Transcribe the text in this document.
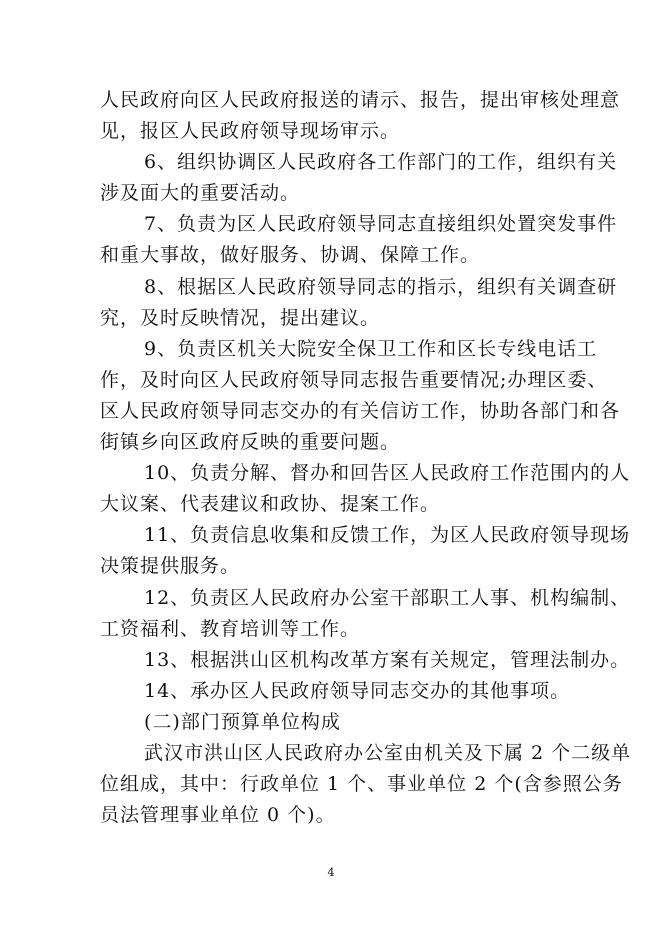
人民政府向区人民政府报送的请示、报告，提出审核处理意
见，报区人民政府领导现场审示。
6、组织协调区人民政府各工作部门的工作，组织有关
涉及面大的重要活动。
7、负责为区人民政府领导同志直接组织处置突发事件
和重大事故，做好服务、协调、保障工作。
8、根据区人民政府领导同志的指示，组织有关调查研
究，及时反映情况，提出建议。
9、负责区机关大院安全保卫工作和区长专线电话工
作，及时向区人民政府领导同志报告重要情况;办理区委、
区人民政府领导同志交办的有关信访工作，协助各部门和各
街镇乡向区政府反映的重要问题。
10、负责分解、督办和回告区人民政府工作范围内的人
大议案、代表建议和政协、提案工作。
11、负责信息收集和反馈工作，为区人民政府领导现场
决策提供服务。
12、负责区人民政府办公室干部职工人事、机构编制、
工资福利、教育培训等工作。
13、根据洪山区机构改革方案有关规定，管理法制办。
14、承办区人民政府领导同志交办的其他事项。
(二)部门预算单位构成
武汉市洪山区人民政府办公室由机关及下属 2 个二级单
位组成，其中：行政单位 1 个、事业单位 2 个(含参照公务
员法管理事业单位 0 个)。
4
